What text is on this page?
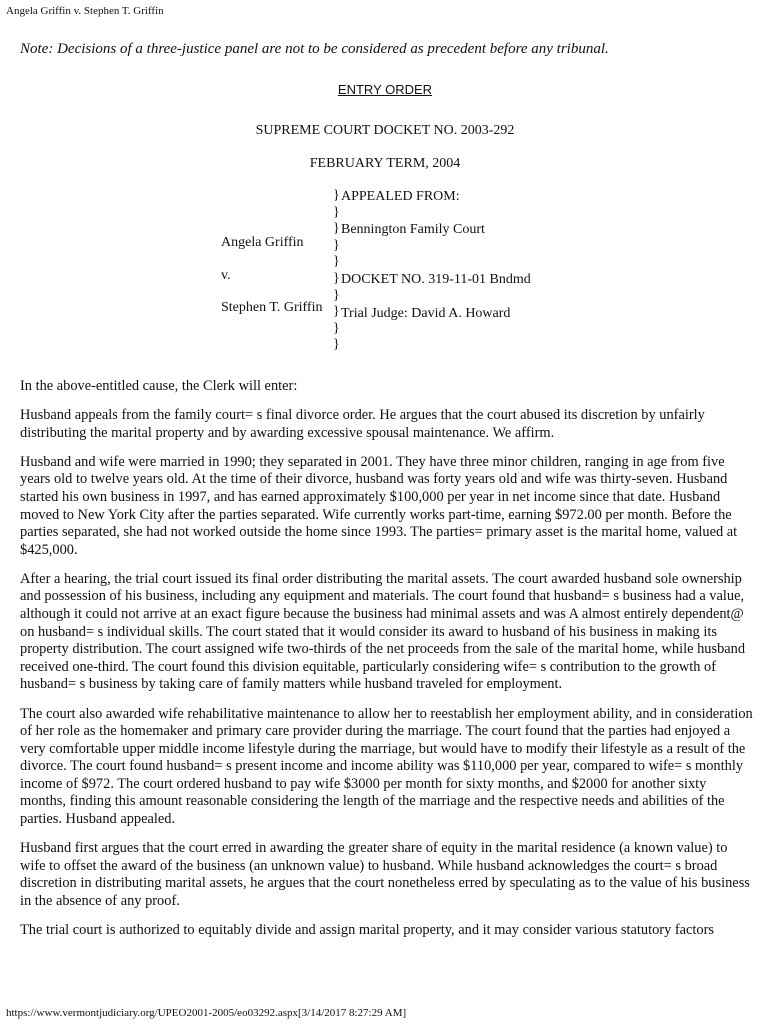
Angela Griffin v. Stephen T. Griffin
Note: Decisions of a three-justice panel are not to be considered as precedent before any tribunal.
ENTRY ORDER
SUPREME COURT DOCKET NO. 2003-292
FEBRUARY TERM, 2004
}
}
}
}
}
}
}
}
}
}
APPEALED FROM:
Bennington Family Court
DOCKET NO. 319-11-01 Bndmd
Trial Judge: David A. Howard
Angela Griffin
v.
Stephen T. Griffin

In the above-entitled cause, the Clerk will enter:

Husband appeals from the family court= s final divorce order. He argues that the court abused its discretion by unfairly distributing the marital property and by awarding excessive spousal maintenance. We affirm.

Husband and wife were married in 1990; they separated in 2001. They have three minor children, ranging in age from five years old to twelve years old. At the time of their divorce, husband was forty years old and wife was thirty-seven. Husband started his own business in 1997, and has earned approximately $100,000 per year in net income since that date. Husband moved to New York City after the parties separated. Wife currently works part-time, earning $972.00 per month. Before the parties separated, she had not worked outside the home since 1993. The parties= primary asset is the marital home, valued at $425,000.

After a hearing, the trial court issued its final order distributing the marital assets. The court awarded husband sole ownership and possession of his business, including any equipment and materials. The court found that husband= s business had a value, although it could not arrive at an exact figure because the business had minimal assets and was A almost entirely dependent@ on husband= s individual skills. The court stated that it would consider its award to husband of his business in making its property distribution. The court assigned wife two-thirds of the net proceeds from the sale of the marital home, while husband received one-third. The court found this division equitable, particularly considering wife= s contribution to the growth of husband= s business by taking care of family matters while husband traveled for employment.

The court also awarded wife rehabilitative maintenance to allow her to reestablish her employment ability, and in consideration of her role as the homemaker and primary care provider during the marriage. The court found that the parties had enjoyed a very comfortable upper middle income lifestyle during the marriage, but would have to modify their lifestyle as a result of the divorce. The court found husband= s present income and income ability was $110,000 per year, compared to wife= s monthly income of $972. The court ordered husband to pay wife $3000 per month for sixty months, and $2000 for another sixty months, finding this amount reasonable considering the length of the marriage and the respective needs and abilities of the parties. Husband appealed.

Husband first argues that the court erred in awarding the greater share of equity in the marital residence (a known value) to wife to offset the award of the business (an unknown value) to husband. While husband acknowledges the court= s broad discretion in distributing marital assets, he argues that the court nonetheless erred by speculating as to the value of his business in the absence of any proof.

The trial court is authorized to equitably divide and assign marital property, and it may consider various statutory factors

https://www.vermontjudiciary.org/UPEO2001-2005/eo03292.aspx[3/14/2017 8:27:29 AM]
